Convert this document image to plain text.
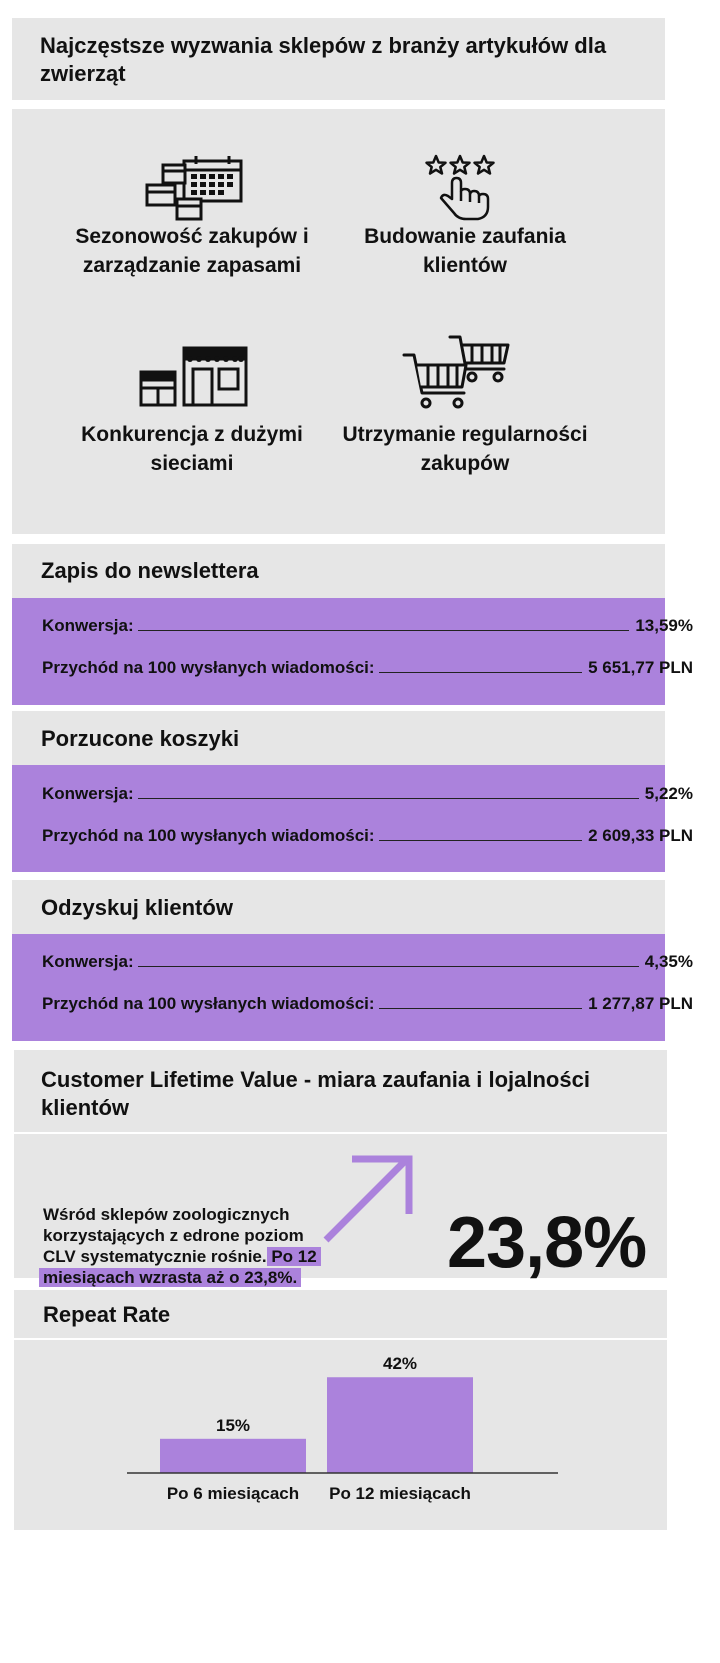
Najczęstsze wyzwania sklepów z branży artykułów dla zwierząt
Sezonowość zakupów i zarządzanie zapasami
Budowanie zaufania klientów
Konkurencja z dużymi sieciami
Utrzymanie regularności zakupów
Zapis do newslettera
Konwersja:	13,59%
Przychód na 100 wysłanych wiadomości:	5 651,77 PLN
Porzucone koszyki
Konwersja:	5,22%
Przychód na 100 wysłanych wiadomości:	2 609,33 PLN
Odzyskuj klientów
Konwersja:	4,35%
Przychód na 100 wysłanych wiadomości:	1 277,87 PLN
Customer Lifetime Value - miara zaufania i lojalności klientów
Wśród sklepów zoologicznych korzystających z edrone poziom CLV systematycznie rośnie. Po 12 miesiącach wzrasta aż o 23,8%.	23,8%
Repeat Rate
15%
Po 6 miesiącach
42%
Po 12 miesiącach
